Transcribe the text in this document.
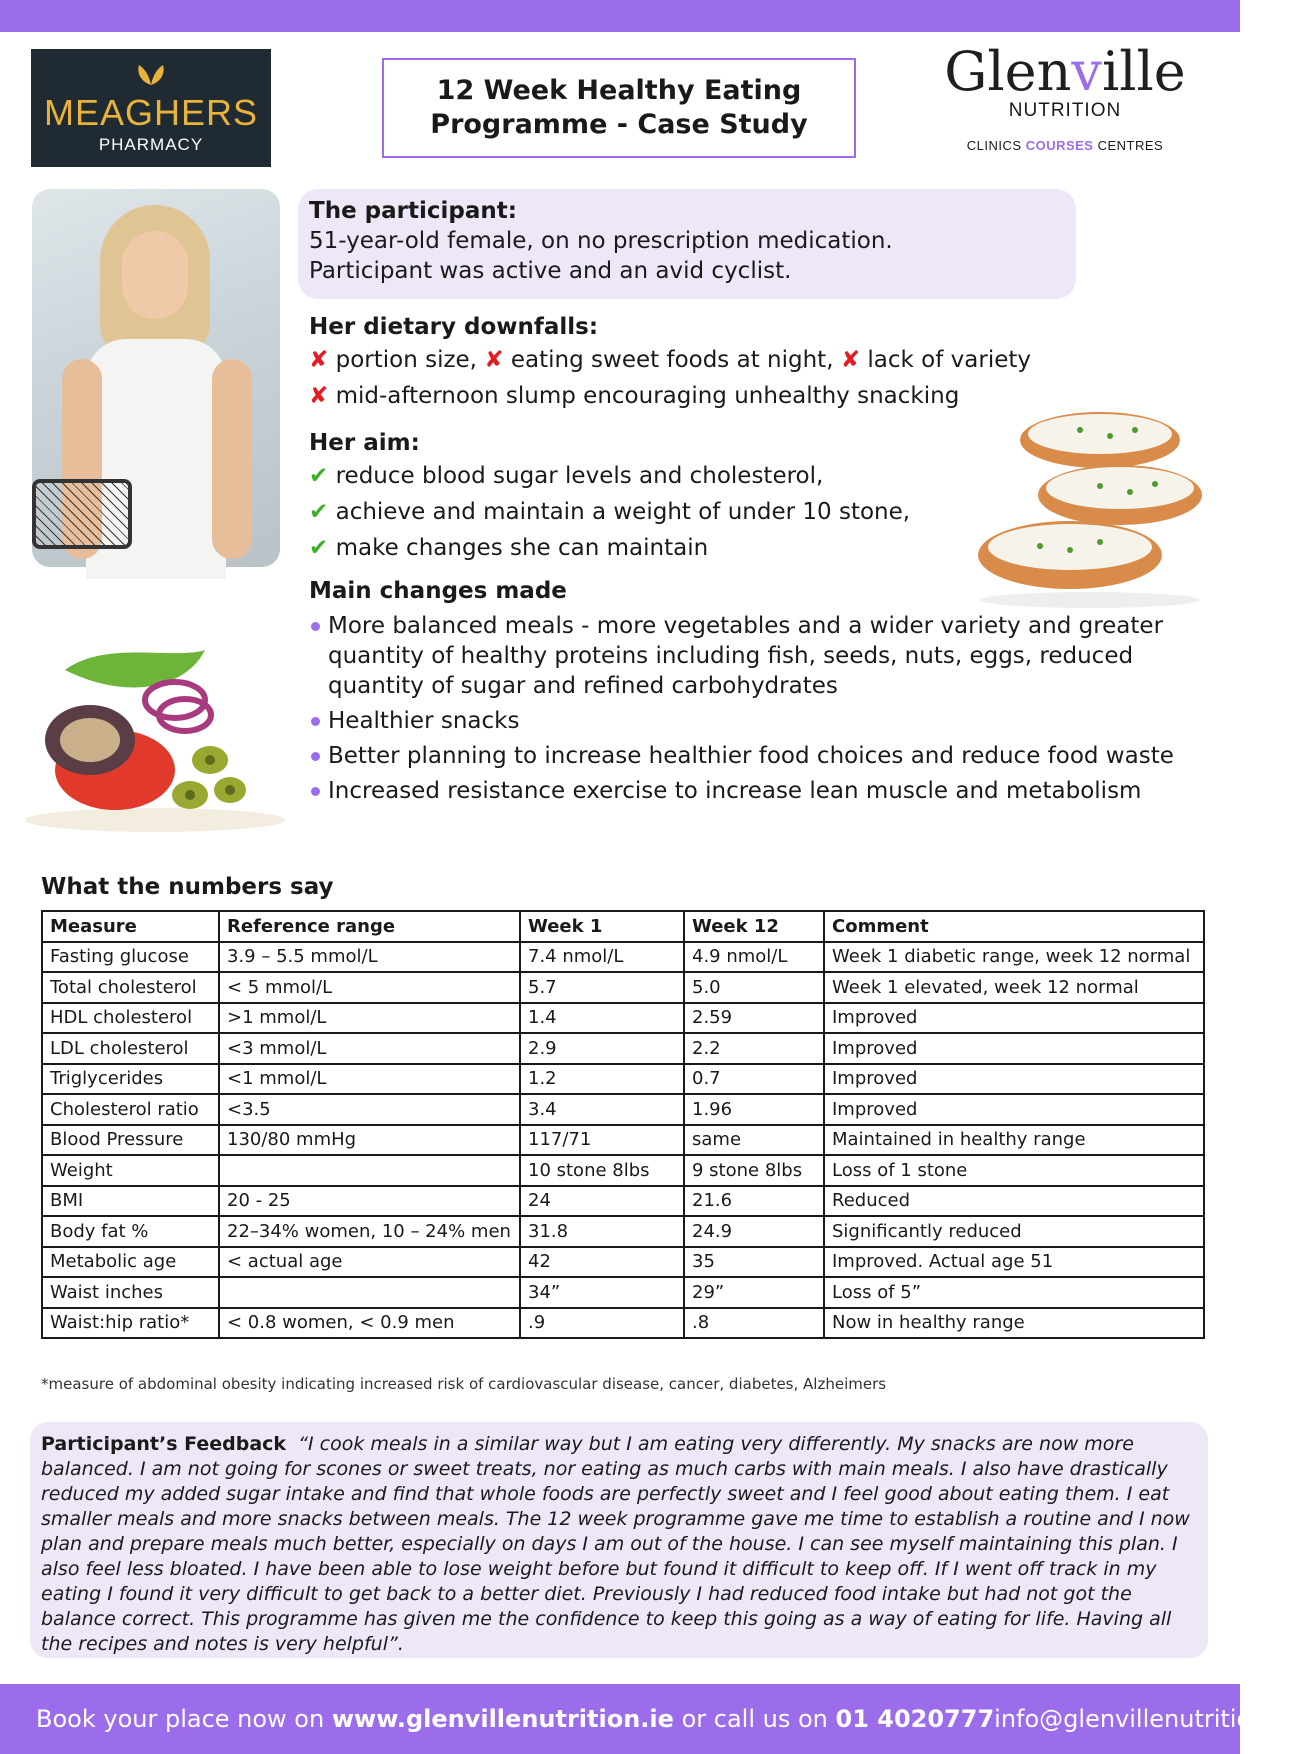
MEAGHERS
PHARMACY
12 Week Healthy Eating
Programme - Case Study
Glenville
NUTRITION
CLINICS COURSES CENTRES
The participant:

51-year-old female, on no prescription medication.

Participant was active and an avid cyclist.

Her dietary downfalls:
✘ portion size, ✘ eating sweet foods at night, ✘ lack of variety
✘ mid-afternoon slump encouraging unhealthy snacking
Her aim:
✔ reduce blood sugar levels and cholesterol,
✔ achieve and maintain a weight of under 10 stone,
✔ make changes she can maintain
Main changes made
More balanced meals - more vegetables and a wider variety and greater quantity of healthy proteins including fish, seeds, nuts, eggs, reduced quantity of sugar and refined carbohydrates
Healthier snacks
Better planning to increase healthier food choices and reduce food waste
Increased resistance exercise to increase lean muscle and metabolism
What the numbers say
Measure	Reference range	Week 1	Week 12	Comment
Fasting glucose	3.9 – 5.5 mmol/L	7.4 nmol/L	4.9 nmol/L	Week 1 diabetic range, week 12 normal
Total cholesterol	< 5 mmol/L	5.7	5.0	Week 1 elevated, week 12 normal
HDL cholesterol	>1 mmol/L	1.4	2.59	Improved
LDL cholesterol	<3 mmol/L	2.9	2.2	Improved
Triglycerides	<1 mmol/L	1.2	0.7	Improved
Cholesterol ratio	<3.5	3.4	1.96	Improved
Blood Pressure	130/80 mmHg	117/71	same	Maintained in healthy range
Weight		10 stone 8lbs	9 stone 8lbs	Loss of 1 stone
BMI	20 - 25	24	21.6	Reduced
Body fat %	22–34% women, 10 – 24% men	31.8	24.9	Significantly reduced
Metabolic age	< actual age	42	35	Improved. Actual age 51
Waist inches		34”	29”	Loss of 5”
Waist:hip ratio*	< 0.8 women, < 0.9 men	.9	.8	Now in healthy range
*measure of abdominal obesity indicating increased risk of cardiovascular disease, cancer, diabetes, Alzheimers
Participant’s Feedback “I cook meals in a similar way but I am eating very differently. My snacks are now more balanced. I am not going for scones or sweet treats, nor eating as much carbs with main meals. I also have drastically reduced my added sugar intake and find that whole foods are perfectly sweet and I feel good about eating them. I eat smaller meals and more snacks between meals. The 12 week programme gave me time to establish a routine and I now plan and prepare meals much better, especially on days I am out of the house. I can see myself maintaining this plan. I also feel less bloated. I have been able to lose weight before but found it difficult to keep off. If I went off track in my eating I found it very difficult to get back to a better diet. Previously I had reduced food intake but had not got the balance correct. This programme has given me the confidence to keep this going as a way of eating for life. Having all the recipes and notes is very helpful”.
Book your place now on
www.glenvillenutrition.ie
or call us on
01 4020777 info@glenvillenutrition.ie
